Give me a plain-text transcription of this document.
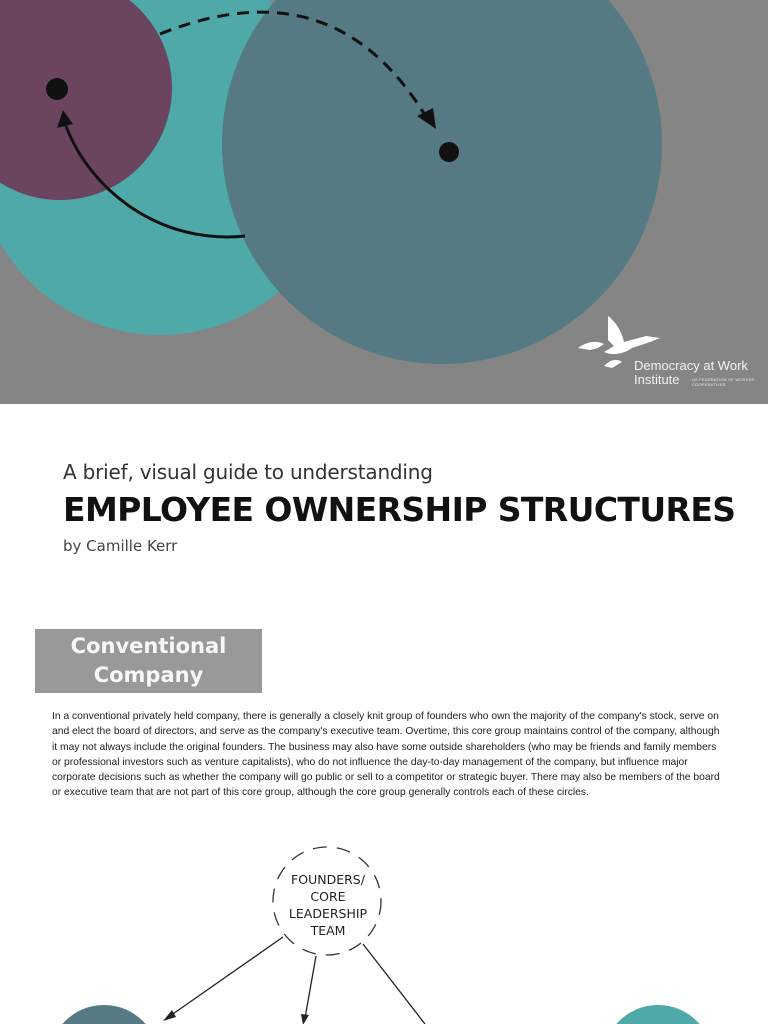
Democracy at Work
Institute	US FEDERATION OF WORKER COOPERATIVES
A brief, visual guide to understanding
EMPLOYEE OWNERSHIP STRUCTURES
by Camille Kerr
Conventional
Company
In a conventional privately held company, there is generally a closely knit group of founders who own the majority of the company's stock, serve on and elect the board of directors, and serve as the company's executive team. Overtime, this core group maintains control of the company, although it may not always include the original founders. The business may also have some outside shareholders (who may be friends and family members or professional investors such as venture capitalists), who do not influence the day-to-day management of the company, but influence major corporate decisions such as whether the company will go public or sell to a competitor or strategic buyer. There may also be members of the board or executive team that are not part of this core group, although the core group generally controls each of these circles.
FOUNDERS/
CORE
LEADERSHIP
TEAM
